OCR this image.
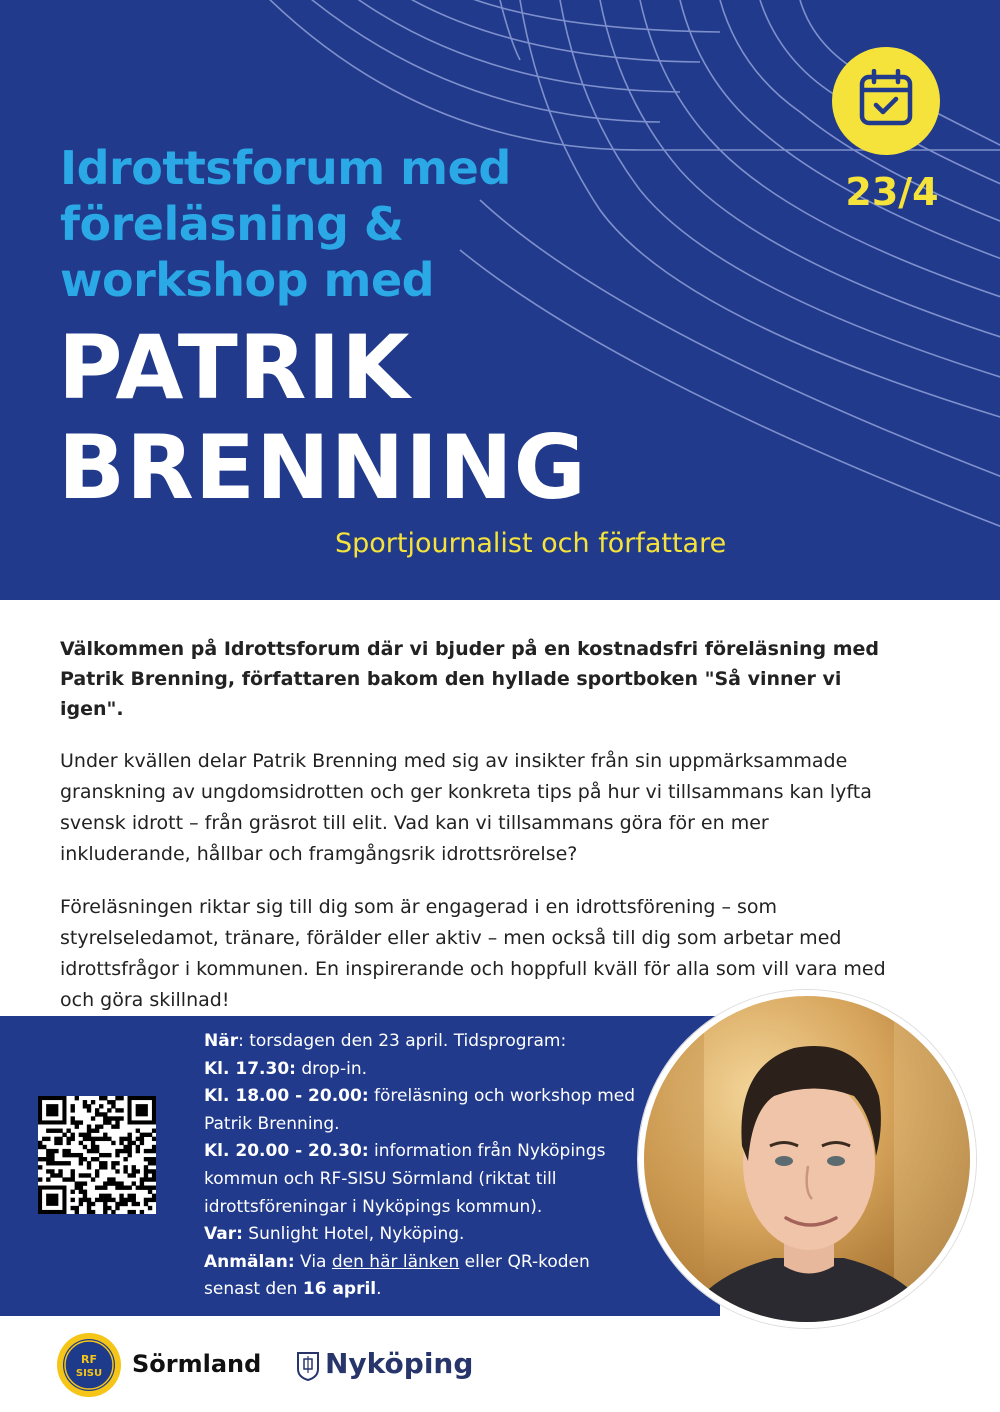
Idrottsforum med
föreläsning &
workshop med
PATRIK
BRENNING
Sportjournalist och författare
23/4

Välkommen på Idrottsforum där vi bjuder på en kostnadsfri föreläsning med Patrik Brenning, författaren bakom den hyllade sportboken "Så vinner vi igen".

Under kvällen delar Patrik Brenning med sig av insikter från sin uppmärksammade granskning av ungdomsidrotten och ger konkreta tips på hur vi tillsammans kan lyfta svensk idrott – från gräsrot till elit. Vad kan vi tillsammans göra för en mer inkluderande, hållbar och framgångsrik idrottsrörelse?

Föreläsningen riktar sig till dig som är engagerad i en idrottsförening – som styrelseledamot, tränare, förälder eller aktiv – men också till dig som arbetar med idrottsfrågor i kommunen. En inspirerande och hoppfull kväll för alla som vill vara med och göra skillnad!

När: torsdagen den 23 april. Tidsprogram:
Kl. 17.30: drop-in.
Kl. 18.00 - 20.00: föreläsning och workshop med Patrik Brenning.
Kl. 20.00 - 20.30: information från Nyköpings kommun och RF-SISU Sörmland (riktat till idrottsföreningar i Nyköpings kommun).
Var: Sunlight Hotel, Nyköping.
Anmälan: Via den här länken eller QR-koden senast den 16 april.
RF
SISU Sörmland Nyköping
